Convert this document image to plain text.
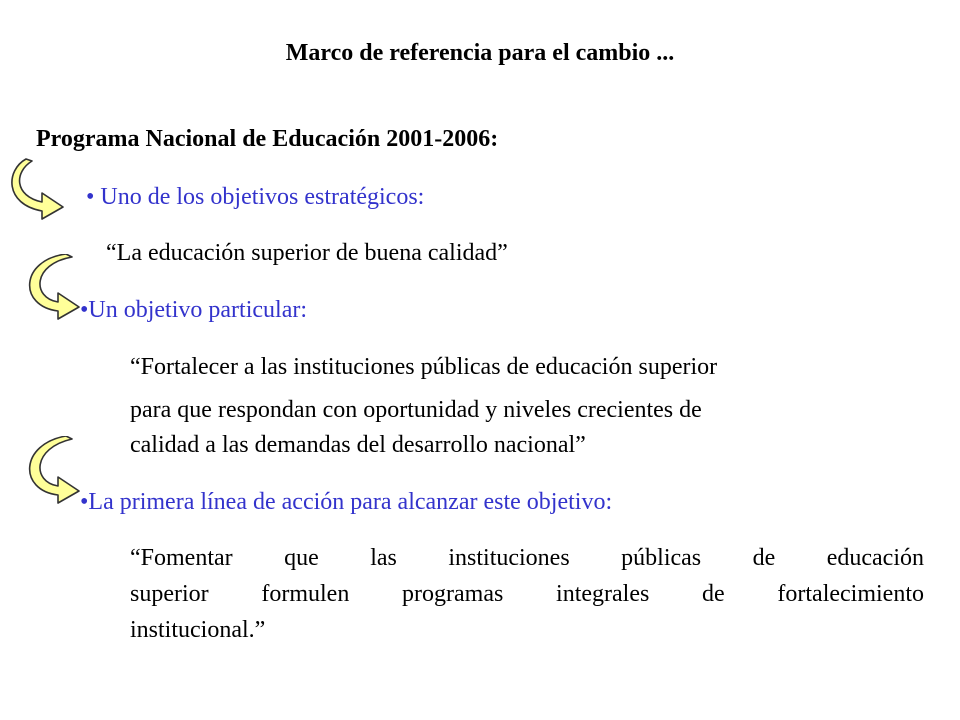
Marco de referencia para el cambio ...
Programa Nacional de Educación 2001-2006:
• Uno de los objetivos estratégicos:
“La educación superior de buena calidad”
•Un objetivo particular:
“Fortalecer a las instituciones públicas de educación superior
para que respondan con oportunidad y niveles crecientes de
calidad a las demandas del desarrollo nacional”
•La primera línea de acción para alcanzar este objetivo:
“Fomentar que las instituciones públicas de educación
superior formulen programas integrales de fortalecimiento
institucional.”
